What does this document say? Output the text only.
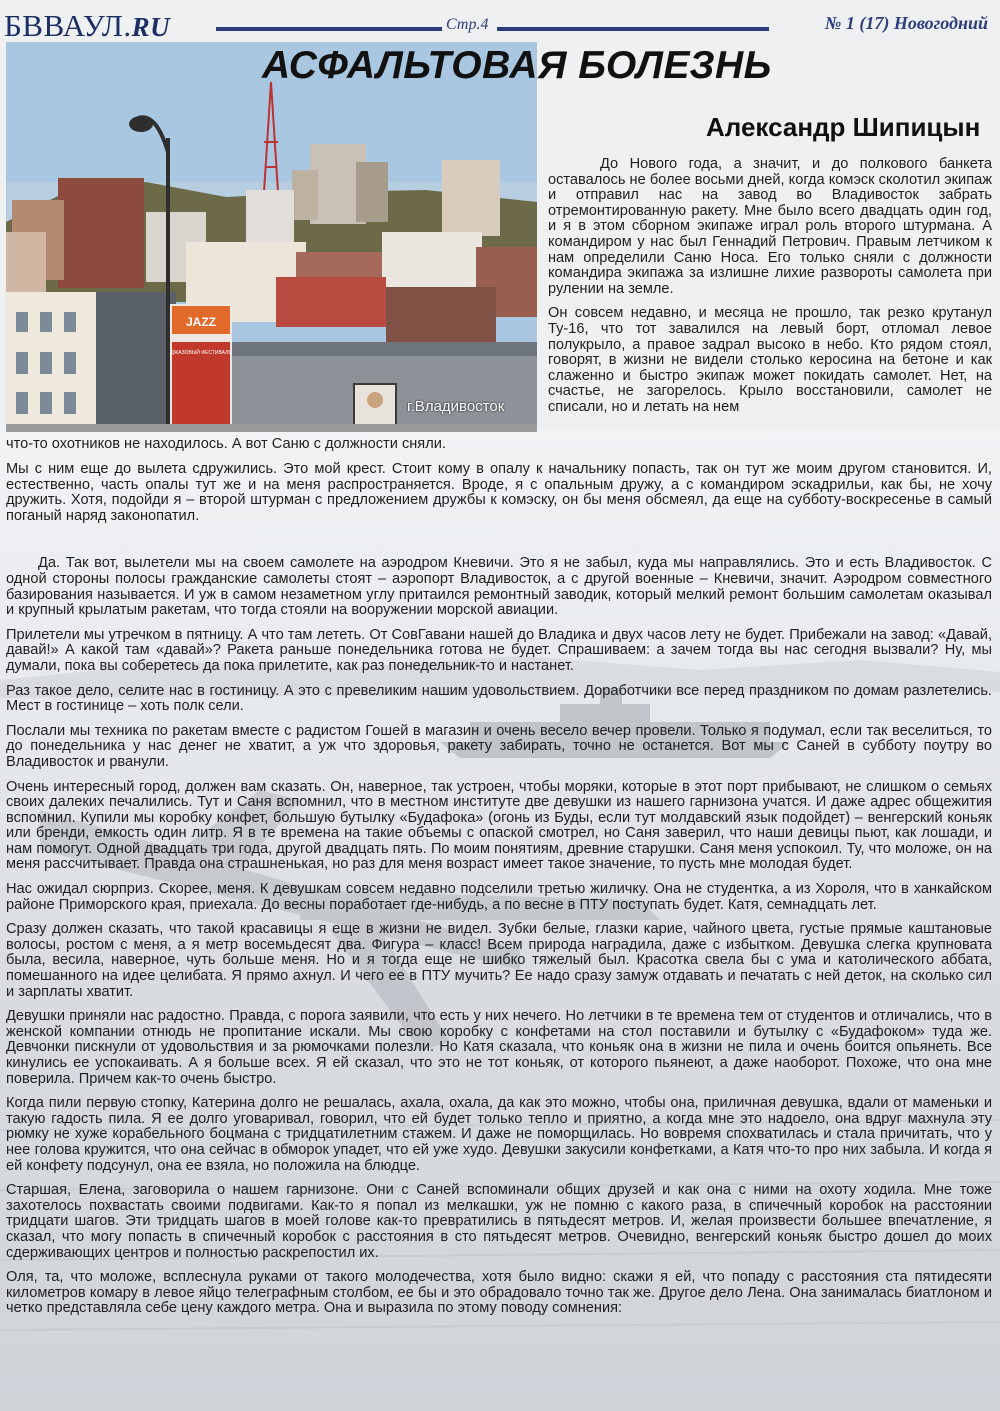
БВВАУЛ.RU	Стр.4	№ 1 (17) Новогодний
JAZZ
ДЖАЗОВЫЙ ФЕСТИВАЛЬ
г.Владивосток
АСФАЛЬТОВАЯ БОЛЕЗНЬ
Александр Шипицын

До Нового года, а значит, и до полкового банкета оставалось не более восьми дней, когда комэск сколотил экипаж и отправил нас на завод во Владивосток забрать отремонтированную ракету. Мне было всего двадцать один год, и я в этом сборном экипаже играл роль второго штурмана. А командиром у нас был Геннадий Петрович. Правым летчиком к нам определили Саню Носа. Его только сняли с должности командира экипажа за излишне лихие развороты самолета при рулении на земле.

Он совсем недавно, и месяца не прошло, так резко крутанул Ту-16, что тот завалился на левый борт, отломал левое полукрыло, а правое задрал высоко в небо. Кто рядом стоял, говорят, в жизни не видели столько керосина на бетоне и как слаженно и быстро экипаж может покидать самолет. Нет, на счастье, не загорелось. Крыло восстановили, самолет не списали, но и летать на нем

что-то охотников не находилось. А вот Саню с должности сняли.

Мы с ним еще до вылета сдружились. Это мой крест. Стоит кому в опалу к начальнику попасть, так он тут же моим другом становится. И, естественно, часть опалы тут же и на меня распространяется. Вроде, я с опальным дружу, а с командиром эскадрильи, как бы, не хочу дружить. Хотя, подойди я – второй штурман с предложением дружбы к комэску, он бы меня обсмеял, да еще на субботу-воскресенье в самый поганый наряд законопатил.

Да. Так вот, вылетели мы на своем самолете на аэродром Кневичи. Это я не забыл, куда мы направлялись. Это и есть Владивосток. С одной стороны полосы гражданские самолеты стоят – аэропорт Владивосток, а с другой военные – Кневичи, значит. Аэродром совместного базирования называется. И уж в самом незаметном углу притаился ремонтный заводик, который мелкий ремонт большим самолетам оказывал и крупный крылатым ракетам, что тогда стояли на вооружении морской авиации.

Прилетели мы утречком в пятницу. А что там лететь. От СовГавани нашей до Владика и двух часов лету не будет. Прибежали на завод: «Давай, давай!» А какой там «давай»? Ракета раньше понедельника готова не будет. Спрашиваем: а зачем тогда вы нас сегодня вызвали? Ну, мы думали, пока вы соберетесь да пока прилетите, как раз понедельник-то и настанет.

Раз такое дело, селите нас в гостиницу. А это с превеликим нашим удовольствием. Доработчики все перед праздником по домам разлетелись. Мест в гостинице – хоть полк сели.

Послали мы техника по ракетам вместе с радистом Гошей в магазин и очень весело вечер провели. Только я подумал, если так веселиться, то до понедельника у нас денег не хватит, а уж что здоровья, ракету забирать, точно не останется. Вот мы с Саней в субботу поутру во Владивосток и рванули.

Очень интересный город, должен вам сказать. Он, наверное, так устроен, чтобы моряки, которые в этот порт прибывают, не слишком о семьях своих далеких печалились. Тут и Саня вспомнил, что в местном институте две девушки из нашего гарнизона учатся. И даже адрес общежития вспомнил. Купили мы коробку конфет, большую бутылку «Будафока» (огонь из Буды, если тут молдавский язык подойдет) – венгерский коньяк или бренди, емкость один литр. Я в те времена на такие объемы с опаской смотрел, но Саня заверил, что наши девицы пьют, как лошади, и нам помогут. Одной двадцать три года, другой двадцать пять. По моим понятиям, древние старушки. Саня меня успокоил. Ту, что моложе, он на меня рассчитывает. Правда она страшненькая, но раз для меня возраст имеет такое значение, то пусть мне молодая будет.

Нас ожидал сюрприз. Скорее, меня. К девушкам совсем недавно подселили третью жиличку. Она не студентка, а из Хороля, что в ханкайском районе Приморского края, приехала. До весны поработает где-нибудь, а по весне в ПТУ поступать будет. Катя, семнадцать лет.

Сразу должен сказать, что такой красавицы я еще в жизни не видел. Зубки белые, глазки карие, чайного цвета, густые прямые каштановые волосы, ростом с меня, а я метр восемьдесят два. Фигура – класс! Всем природа наградила, даже с избытком. Девушка слегка крупновата была, весила, наверное, чуть больше меня. Но и я тогда еще не шибко тяжелый был. Красотка свела бы с ума и католического аббата, помешанного на идее целибата. Я прямо ахнул. И чего ее в ПТУ мучить? Ее надо сразу замуж отдавать и печатать с ней деток, на сколько сил и зарплаты хватит.

Девушки приняли нас радостно. Правда, с порога заявили, что есть у них нечего. Но летчики в те времена тем от студентов и отличались, что в женской компании отнюдь не пропитание искали. Мы свою коробку с конфетами на стол поставили и бутылку с «Будафоком» туда же. Девчонки пискнули от удовольствия и за рюмочками полезли. Но Катя сказала, что коньяк она в жизни не пила и очень боится опьянеть. Все кинулись ее успокаивать. А я больше всех. Я ей сказал, что это не тот коньяк, от которого пьянеют, а даже наоборот. Похоже, что она мне поверила. Причем как-то очень быстро.

Когда пили первую стопку, Катерина долго не решалась, ахала, охала, да как это можно, чтобы она, приличная девушка, вдали от маменьки и такую гадость пила. Я ее долго уговаривал, говорил, что ей будет только тепло и приятно, а когда мне это надоело, она вдруг махнула эту рюмку не хуже корабельного боцмана с тридцатилетним стажем. И даже не поморщилась. Но вовремя спохватилась и стала причитать, что у нее голова кружится, что она сейчас в обморок упадет, что ей уже худо. Девушки закусили конфетками, а Катя что-то про них забыла. И когда я ей конфету подсунул, она ее взяла, но положила на блюдце.

Старшая, Елена, заговорила о нашем гарнизоне. Они с Саней вспоминали общих друзей и как она с ними на охоту ходила. Мне тоже захотелось похвастать своими подвигами. Как-то я попал из мелкашки, уж не помню с какого раза, в спичечный коробок на расстоянии тридцати шагов. Эти тридцать шагов в моей голове как-то превратились в пятьдесят метров. И, желая произвести большее впечатление, я сказал, что могу попасть в спичечный коробок с расстояния в сто пятьдесят метров. Очевидно, венгерский коньяк быстро дошел до моих сдерживающих центров и полностью раскрепостил их.

Оля, та, что моложе, всплеснула руками от такого молодечества, хотя было видно: скажи я ей, что попаду с расстояния ста пятидесяти километров комару в левое яйцо телеграфным столбом, ее бы и это обрадовало точно так же. Другое дело Лена. Она занималась биатлоном и четко представляла себе цену каждого метра. Она и выразила по этому поводу сомнения:
